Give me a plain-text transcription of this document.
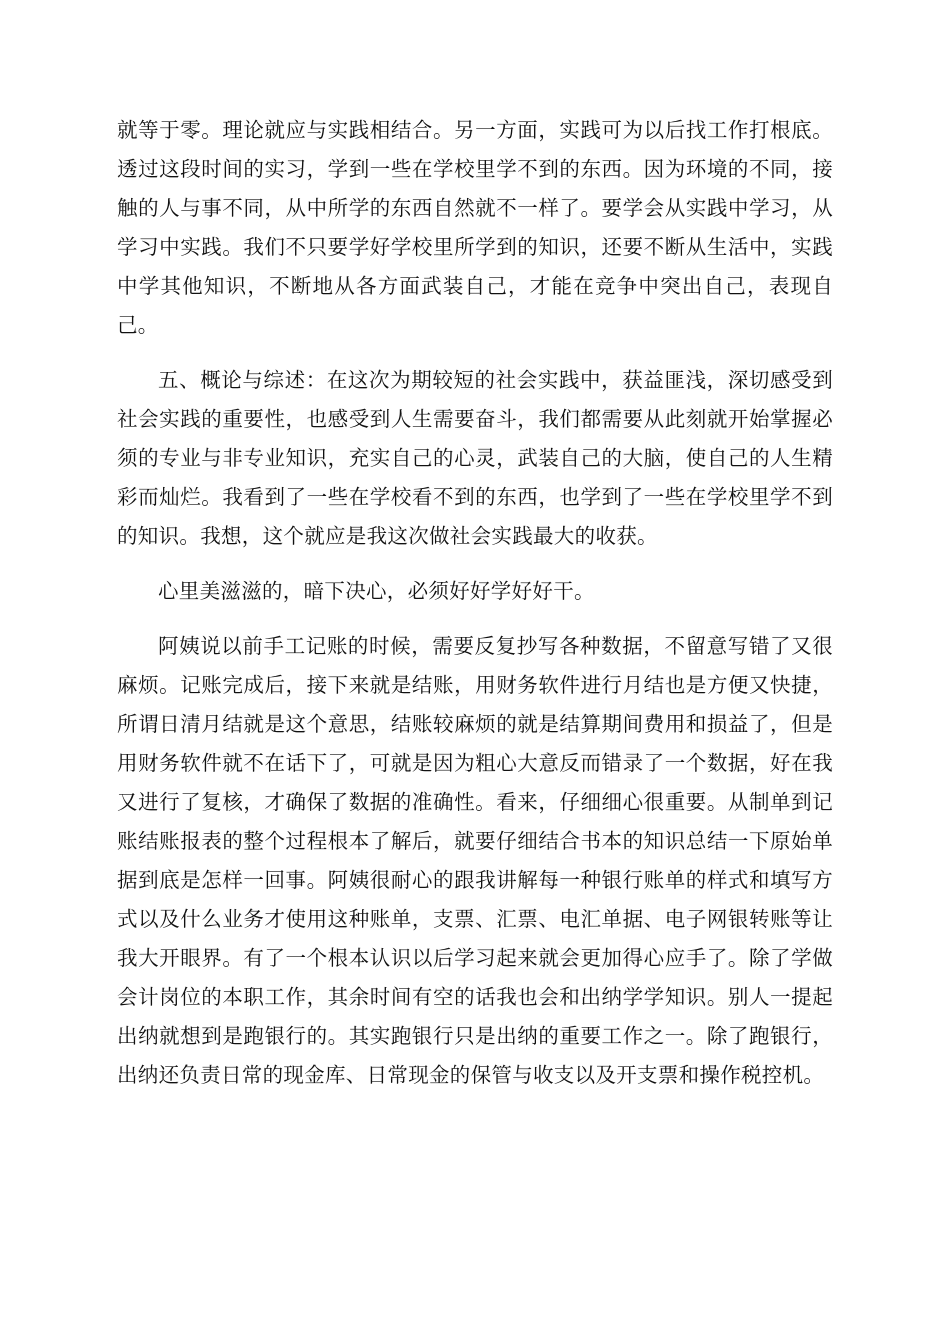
就等于零。理论就应与实践相结合。另一方面，实践可为以后找工作打根底。透过这段时间的实习，学到一些在学校里学不到的东西。因为环境的不同，接触的人与事不同，从中所学的东西自然就不一样了。要学会从实践中学习，从学习中实践。我们不只要学好学校里所学到的知识，还要不断从生活中，实践中学其他知识，不断地从各方面武装自己，才能在竞争中突出自己，表现自己。

五、概论与综述：在这次为期较短的社会实践中，获益匪浅，深切感受到社会实践的重要性，也感受到人生需要奋斗，我们都需要从此刻就开始掌握必须的专业与非专业知识，充实自己的心灵，武装自己的大脑，使自己的人生精彩而灿烂。我看到了一些在学校看不到的东西，也学到了一些在学校里学不到的知识。我想，这个就应是我这次做社会实践最大的收获。

心里美滋滋的，暗下决心，必须好好学好好干。

阿姨说以前手工记账的时候，需要反复抄写各种数据，不留意写错了又很麻烦。记账完成后，接下来就是结账，用财务软件进行月结也是方便又快捷，所谓日清月结就是这个意思，结账较麻烦的就是结算期间费用和损益了，但是用财务软件就不在话下了，可就是因为粗心大意反而错录了一个数据，好在我又进行了复核，才确保了数据的准确性。看来，仔细细心很重要。从制单到记账结账报表的整个过程根本了解后，就要仔细结合书本的知识总结一下原始单据到底是怎样一回事。阿姨很耐心的跟我讲解每一种银行账单的样式和填写方式以及什么业务才使用这种账单，支票、汇票、电汇单据、电子网银转账等让我大开眼界。有了一个根本认识以后学习起来就会更加得心应手了。除了学做会计岗位的本职工作，其余时间有空的话我也会和出纳学学知识。别人一提起出纳就想到是跑银行的。其实跑银行只是出纳的重要工作之一。除了跑银行，出纳还负责日常的现金库、日常现金的保管与收支以及开支票和操作税控机。
